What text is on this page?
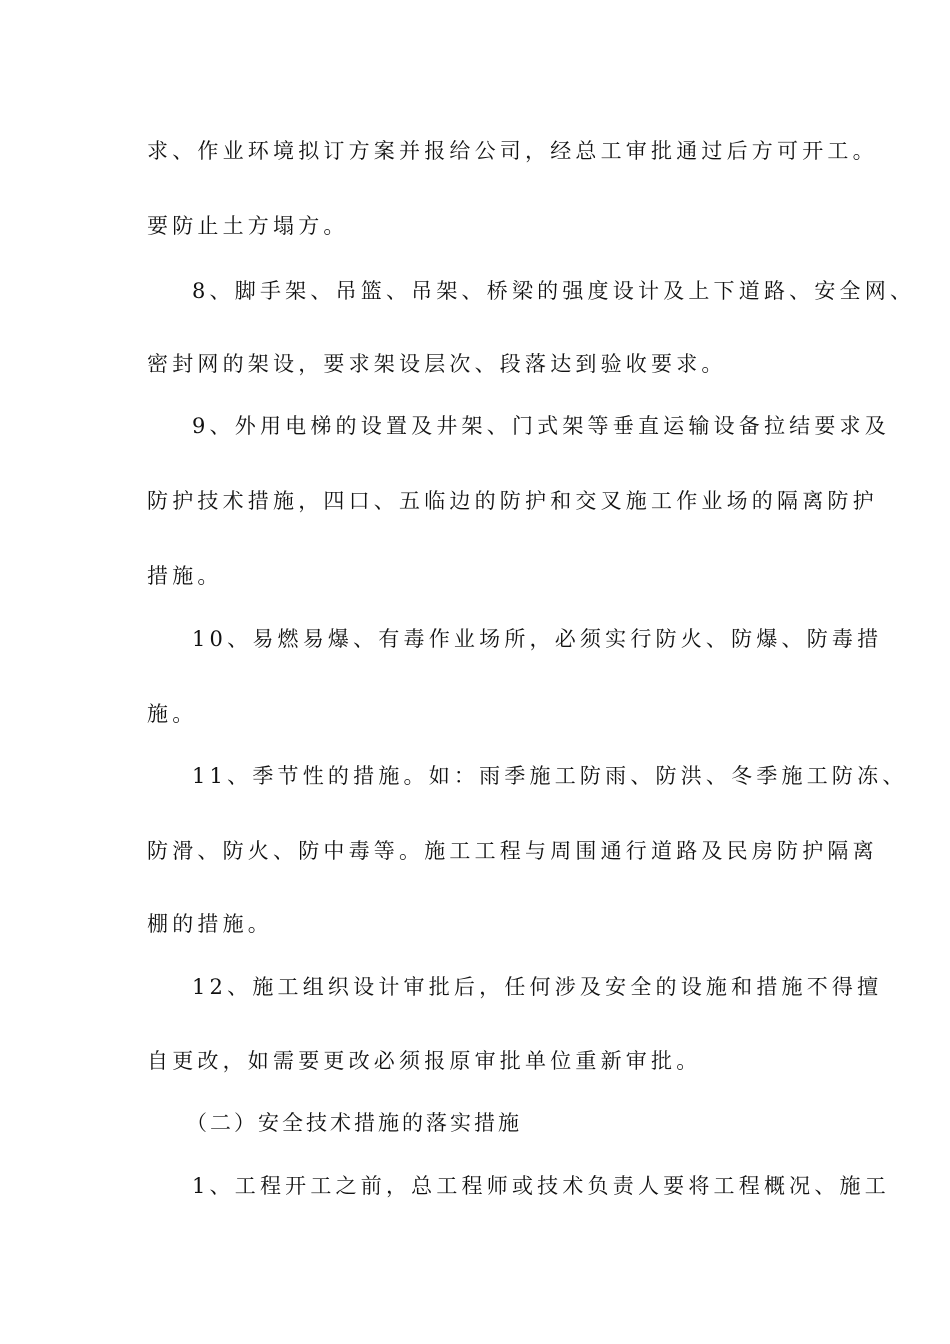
求、作业环境拟订方案并报给公司，经总工审批通过后方可开工。
要防止土方塌方。
8、脚手架、吊篮、吊架、桥梁的强度设计及上下道路、安全网、
密封网的架设，要求架设层次、段落达到验收要求。
9、外用电梯的设置及井架、门式架等垂直运输设备拉结要求及
防护技术措施，四口、五临边的防护和交叉施工作业场的隔离防护
措施。
10、易燃易爆、有毒作业场所，必须实行防火、防爆、防毒措
施。
11、季节性的措施。如：雨季施工防雨、防洪、冬季施工防冻、
防滑、防火、防中毒等。施工工程与周围通行道路及民房防护隔离
棚的措施。
12、施工组织设计审批后，任何涉及安全的设施和措施不得擅
自更改，如需要更改必须报原审批单位重新审批。
（二）安全技术措施的落实措施
1、工程开工之前，总工程师或技术负责人要将工程概况、施工
